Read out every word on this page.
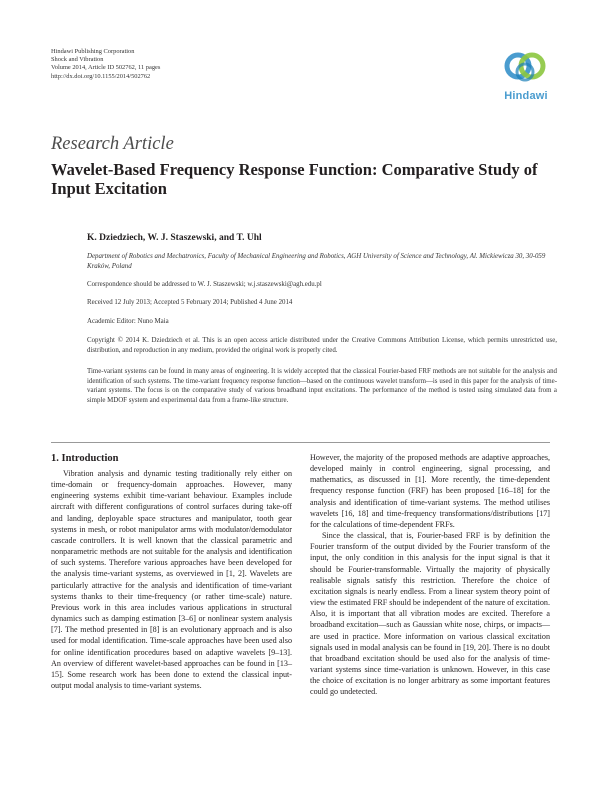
Hindawi Publishing Corporation
Shock and Vibration
Volume 2014, Article ID 502762, 11 pages
http://dx.doi.org/10.1155/2014/502762
Hindawi
Research Article
Wavelet-Based Frequency Response Function: Comparative Study of Input Excitation
K. Dziedziech, W. J. Staszewski, and T. Uhl
Department of Robotics and Mechatronics, Faculty of Mechanical Engineering and Robotics, AGH University of Science and Technology, Al. Mickiewicza 30, 30-059 Kraków, Poland
Correspondence should be addressed to W. J. Staszewski; w.j.staszewski@agh.edu.pl
Received 12 July 2013; Accepted 5 February 2014; Published 4 June 2014
Academic Editor: Nuno Maia
Copyright © 2014 K. Dziedziech et al. This is an open access article distributed under the Creative Commons Attribution License, which permits unrestricted use, distribution, and reproduction in any medium, provided the original work is properly cited.
Time-variant systems can be found in many areas of engineering. It is widely accepted that the classical Fourier-based FRF methods are not suitable for the analysis and identification of such systems. The time-variant frequency response function—based on the continuous wavelet transform—is used in this paper for the analysis of time-variant systems. The focus is on the comparative study of various broadband input excitations. The performance of the method is tested using simulated data from a simple MDOF system and experimental data from a frame-like structure.
1. Introduction

Vibration analysis and dynamic testing traditionally rely either on time-domain or frequency-domain approaches. However, many engineering systems exhibit time-variant behaviour. Examples include aircraft with different configurations of control surfaces during take-off and landing, deployable space structures and manipulator, tooth gear systems in mesh, or robot manipulator arms with modulator/demodulator cascade controllers. It is well known that the classical parametric and nonparametric methods are not suitable for the analysis and identification of such systems. Therefore various approaches have been developed for the analysis time-variant systems, as overviewed in [1, 2]. Wavelets are particularly attractive for the analysis and identification of time-variant systems thanks to their time-frequency (or rather time-scale) nature. Previous work in this area includes various applications in structural dynamics such as damping estimation [3–6] or nonlinear system analysis [7]. The method presented in [8] is an evolutionary approach and is also used for modal identification. Time-scale approaches have been used also for online identification procedures based on adaptive wavelets [9–13]. An overview of different wavelet-based approaches can be found in [13–15]. Some research work has been done to extend the classical input-output modal analysis to time-variant systems.

However, the majority of the proposed methods are adaptive approaches, developed mainly in control engineering, signal processing, and mathematics, as discussed in [1]. More recently, the time-dependent frequency response function (FRF) has been proposed [16–18] for the analysis and identification of time-variant systems. The method utilises wavelets [16, 18] and time-frequency transformations/distributions [17] for the calculations of time-dependent FRFs.

Since the classical, that is, Fourier-based FRF is by definition the Fourier transform of the output divided by the Fourier transform of the input, the only condition in this analysis for the input signal is that it should be Fourier-transformable. Virtually the majority of physically realisable signals satisfy this restriction. Therefore the choice of excitation signals is nearly endless. From a linear system theory point of view the estimated FRF should be independent of the nature of excitation. Also, it is important that all vibration modes are excited. Therefore a broadband excitation—such as Gaussian white nose, chirps, or impacts—are used in practice. More information on various classical excitation signals used in modal analysis can be found in [19, 20]. There is no doubt that broadband excitation should be used also for the analysis of time-variant systems since time-variation is unknown. However, in this case the choice of excitation is no longer arbitrary as some important features could go undetected.
